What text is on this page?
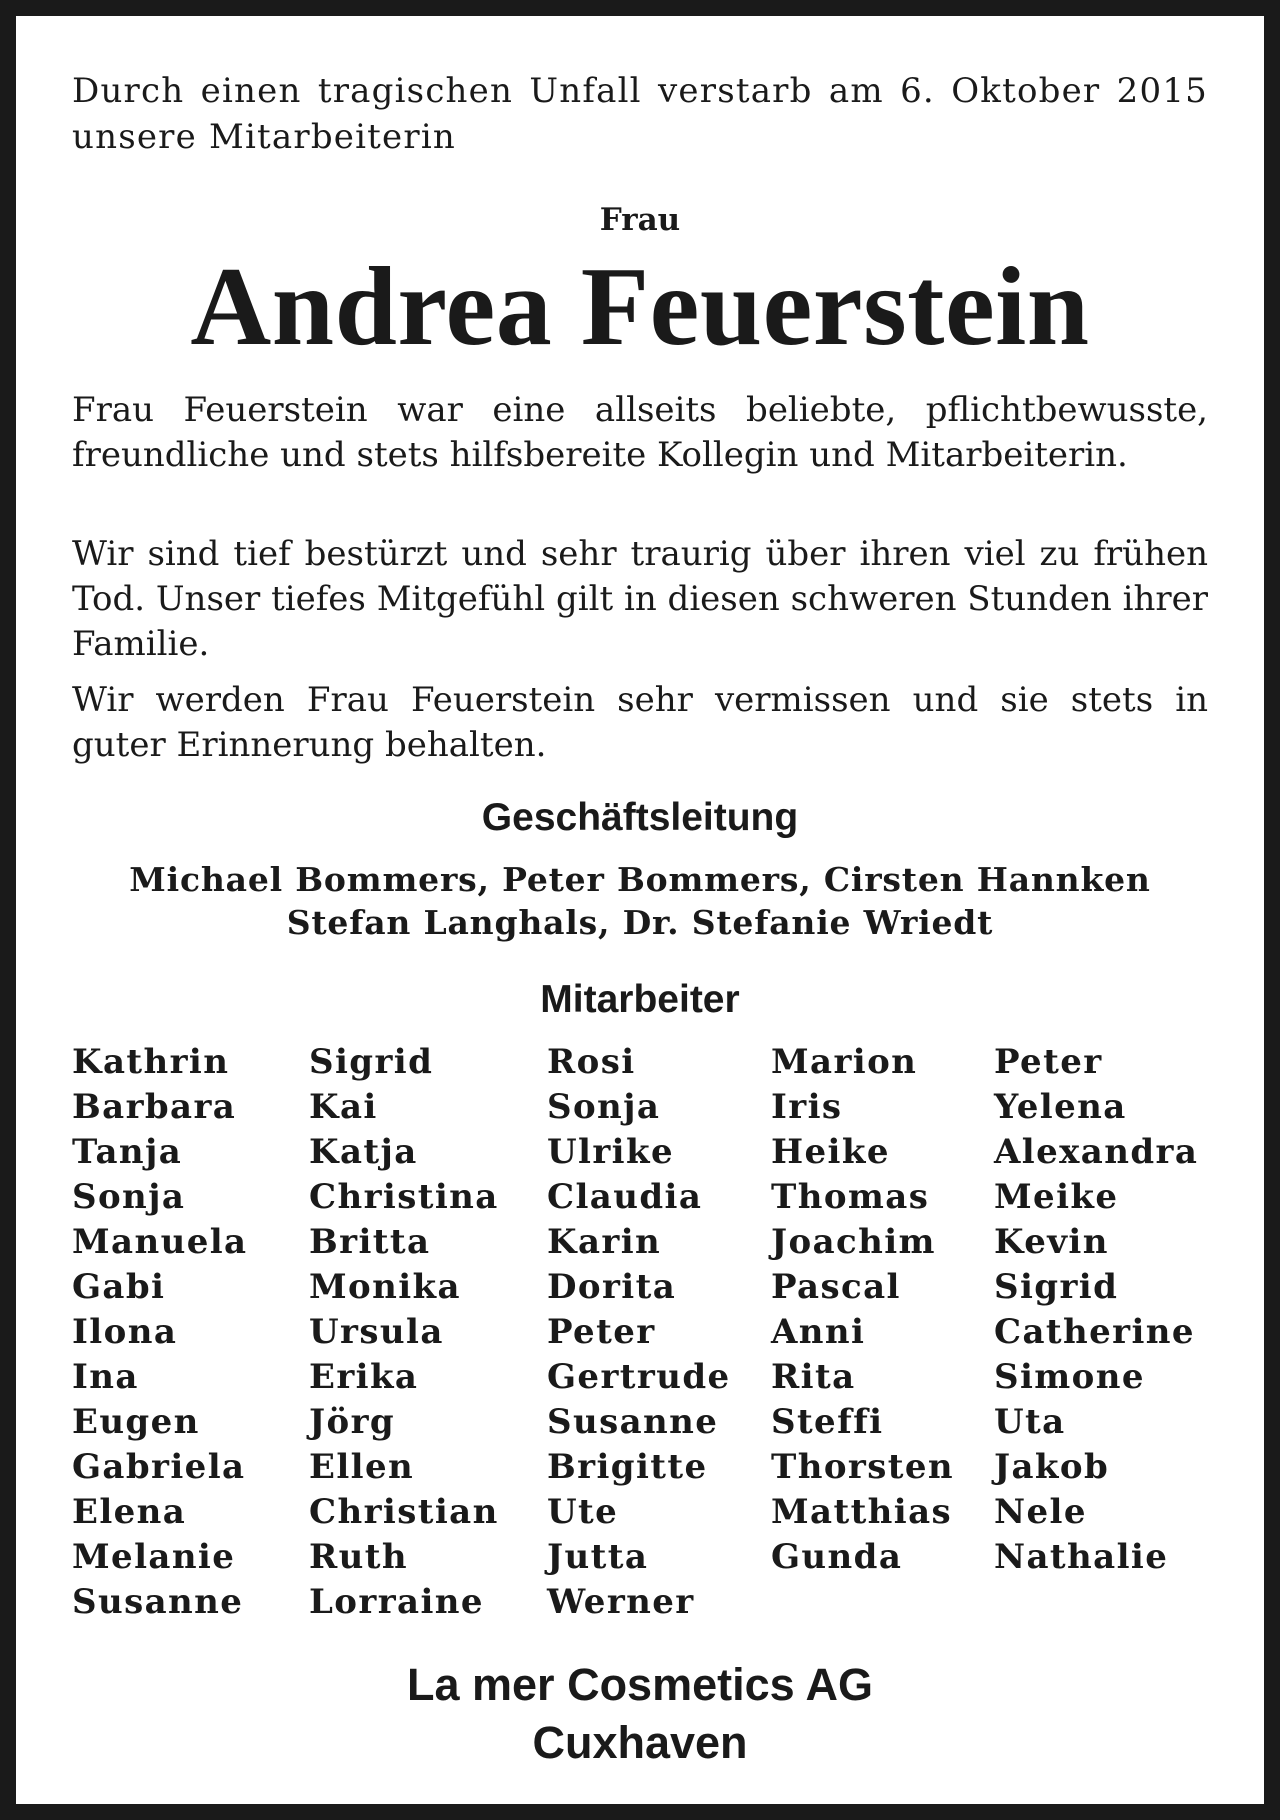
Durch einen tragischen Unfall verstarb am 6. Oktober 2015 unsere Mitarbeiterin

Frau

Andrea Feuerstein

Frau Feuerstein war eine allseits beliebte, pflichtbewusste, freundliche und stets hilfsbereite Kollegin und Mitarbeiterin.

Wir sind tief bestürzt und sehr traurig über ihren viel zu frühen Tod. Unser tiefes Mitgefühl gilt in diesen schweren Stunden ihrer Familie.

Wir werden Frau Feuerstein sehr vermissen und sie stets in guter Erinnerung behalten.

Geschäftsleitung
Michael Bommers, Peter Bommers, Cirsten Hannken
Stefan Langhals, Dr. Stefanie Wriedt
Mitarbeiter
Kathrin
Barbara
Tanja
Sonja
Manuela
Gabi
Ilona
Ina
Eugen
Gabriela
Elena
Melanie
Susanne
Sigrid
Kai
Katja
Christina
Britta
Monika
Ursula
Erika
Jörg
Ellen
Christian
Ruth
Lorraine
Rosi
Sonja
Ulrike
Claudia
Karin
Dorita
Peter
Gertrude
Susanne
Brigitte
Ute
Jutta
Werner
Marion
Iris
Heike
Thomas
Joachim
Pascal
Anni
Rita
Steffi
Thorsten
Matthias
Gunda
Peter
Yelena
Alexandra
Meike
Kevin
Sigrid
Catherine
Simone
Uta
Jakob
Nele
Nathalie
La mer Cosmetics AG
Cuxhaven
